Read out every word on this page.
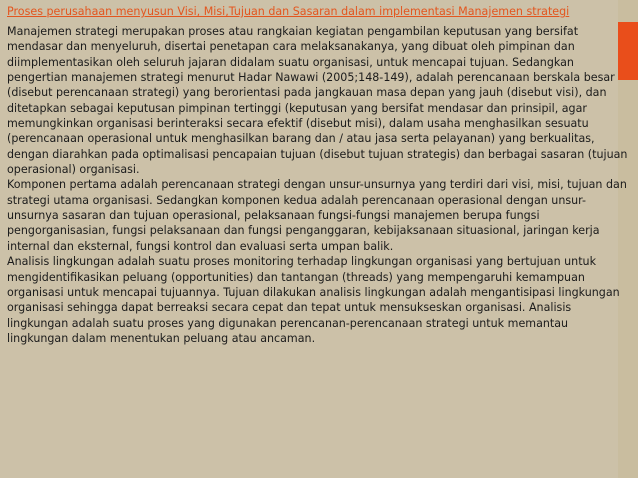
Proses perusahaan menyusun Visi, Misi,Tujuan dan Sasaran dalam implementasi Manajemen strategi

Manajemen strategi merupakan proses atau rangkaian kegiatan pengambilan keputusan yang bersifat mendasar dan menyeluruh, disertai penetapan cara melaksanakanya, yang dibuat oleh pimpinan dan diimplementasikan oleh seluruh jajaran didalam suatu organisasi, untuk mencapai tujuan. Sedangkan pengertian manajemen strategi menurut Hadar Nawawi (2005;148-149), adalah perencanaan berskala besar (disebut perencanaan strategi) yang berorientasi pada jangkauan masa depan yang jauh (disebut visi), dan ditetapkan sebagai keputusan pimpinan tertinggi (keputusan yang bersifat mendasar dan prinsipil, agar memungkinkan organisasi berinteraksi secara efektif (disebut misi), dalam usaha menghasilkan sesuatu (perencanaan operasional untuk menghasilkan barang dan / atau jasa serta pelayanan) yang berkualitas, dengan diarahkan pada optimalisasi pencapaian tujuan (disebut tujuan strategis) dan berbagai sasaran (tujuan operasional) organisasi.

Komponen pertama adalah perencanaan strategi dengan unsur-unsurnya yang terdiri dari visi, misi, tujuan dan strategi utama organisasi. Sedangkan komponen kedua adalah perencanaan operasional dengan unsur-unsurnya sasaran dan tujuan operasional, pelaksanaan fungsi-fungsi manajemen berupa fungsi pengorganisasian, fungsi pelaksanaan dan fungsi penganggaran, kebijaksanaan situasional, jaringan kerja internal dan eksternal, fungsi kontrol dan evaluasi serta umpan balik.

Analisis lingkungan adalah suatu proses monitoring terhadap lingkungan organisasi yang bertujuan untuk mengidentifikasikan peluang (opportunities) dan tantangan (threads) yang mempengaruhi kemampuan organisasi untuk mencapai tujuannya. Tujuan dilakukan analisis lingkungan adalah mengantisipasi lingkungan organisasi sehingga dapat berreaksi secara cepat dan tepat untuk mensukseskan organisasi. Analisis lingkungan adalah suatu proses yang digunakan perencanan-perencanaan strategi untuk memantau lingkungan dalam menentukan peluang atau ancaman.
